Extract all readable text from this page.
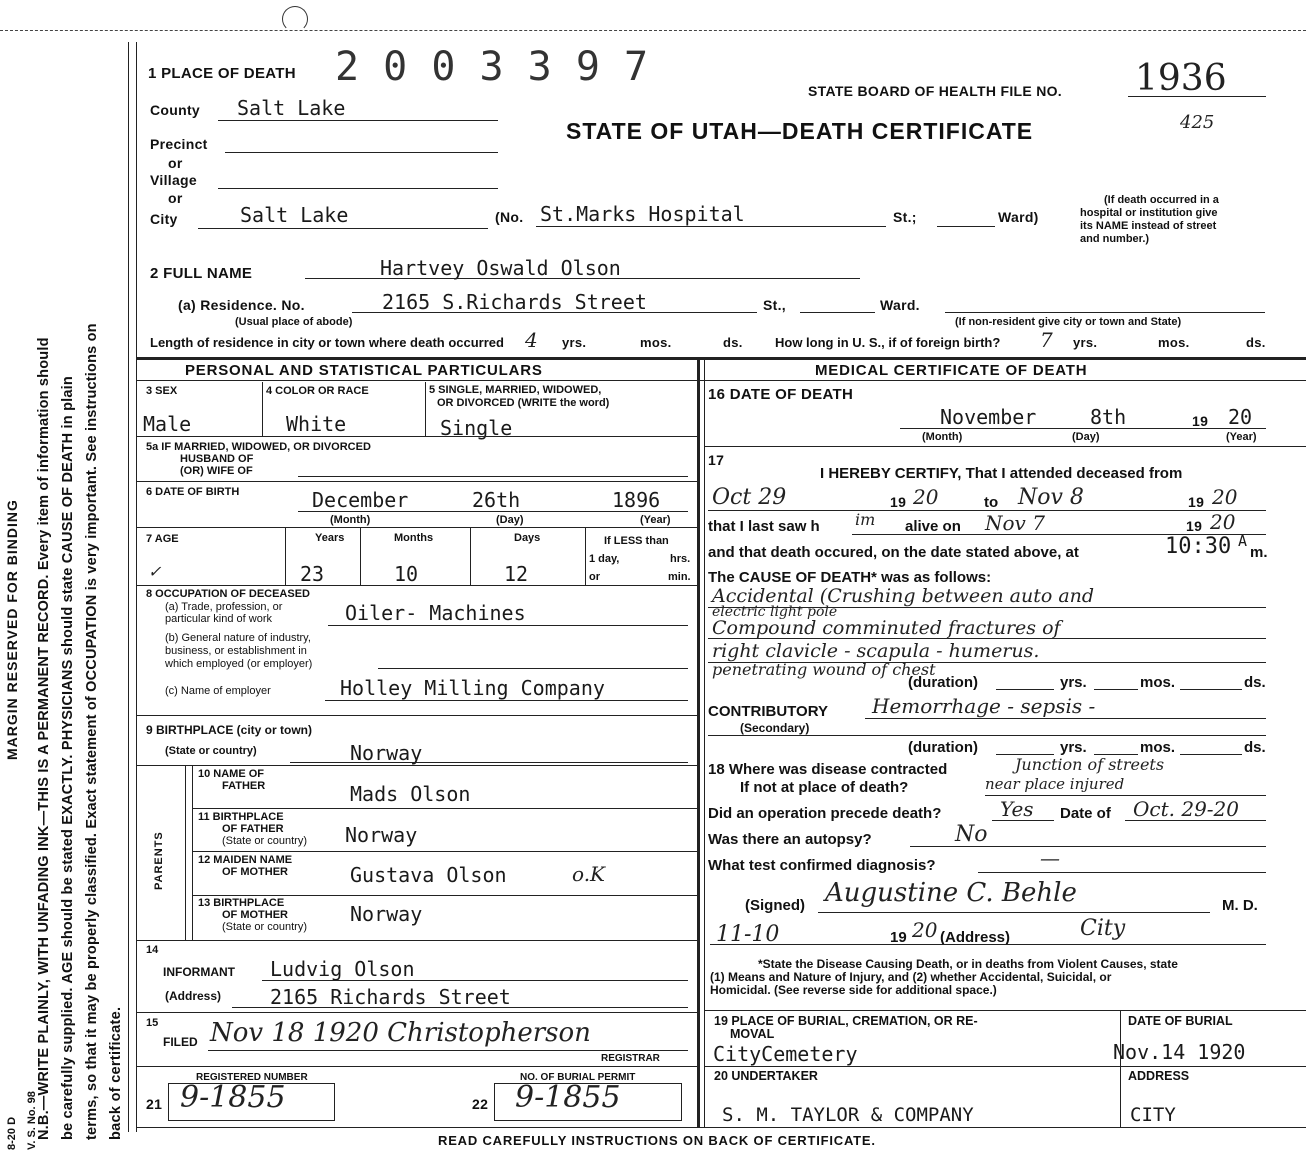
MARGIN RESERVED FOR BINDING
V. S. No. 98
8-20 D N.B.—WRITE PLAINLY, WITH UNFADING INK—THIS IS A PERMANENT RECORD. Every item of information should be carefully supplied. AGE should be stated EXACTLY. PHYSICIANS should state CAUSE OF DEATH in plain terms, so that it may be properly classified. Exact statement of OCCUPATION is very important. See instructions on back of certificate.
1 PLACE OF DEATH 2 0 0 3 3 9 7
STATE BOARD OF HEALTH FILE NO. 1936
STATE OF UTAH—DEATH CERTIFICATE	425
County Salt Lake
Precinct
or
Village
or
City	Salt Lake	(No. St.Marks Hospital	St.;	Ward)
(If death occurred in a
hospital or institution give
its NAME instead of street
and number.)
2 FULL NAME	Hartvey Oswald Olson
(a) Residence. No.	2165 S.Richards Street	St.,	Ward.
(Usual place of abode)	(If non-resident give city or town and State)
Length of residence in city or town where death occurred 4 yrs.	mos.	ds. How long in U. S., if of foreign birth? 7 yrs.	mos.	ds.
PERSONAL AND STATISTICAL PARTICULARS	MEDICAL CERTIFICATE OF DEATH
3 SEX
Male
4 COLOR OR RACE
White
5 SINGLE, MARRIED, WIDOWED,
OR DIVORCED (WRITE the word)
Single
5a IF MARRIED, WIDOWED, OR DIVORCED
HUSBAND OF
(OR) WIFE OF
6 DATE OF BIRTH	December	26th	1896
(Month)	(Day)	(Year)
7 AGE
✓
Years	Months	Days	If LESS than
1 day,	hrs.
or	min.
23	10	12
8 OCCUPATION OF DECEASED
(a) Trade, profession, or
particular kind of work	Oiler- Machines
(b) General nature of industry,
business, or establishment in
which employed (or employer)
(c) Name of employer	Holley Milling Company
9 BIRTHPLACE (city or town)
(State or country)	Norway
PARENTS
10 NAME OF
FATHER	Mads Olson
11 BIRTHPLACE
OF FATHER
(State or country) Norway
12 MAIDEN NAME
OF MOTHER	Gustava Olson	o.K
13 BIRTHPLACE
OF MOTHER
(State or country)
Norway
14
INFORMANT Ludvig Olson
(Address) 2165 Richards Street
15
FILED Nov 18 1920 Christopherson
REGISTRAR
REGISTERED NUMBER	NO. OF BURIAL PERMIT
21 9-1855	22 9-1855
16 DATE OF DEATH
November	8th	19 20
(Month)	(Day)	(Year)
17
I HEREBY CERTIFY, That I attended deceased from
Oct 29	19 20	to Nov 8	19 20
that I last saw h im alive on Nov 7	19 20
and that death occured, on the date stated above, at	10:30 A
m.
The CAUSE OF DEATH* was as follows:
Accidental (Crushing between auto and
electric light pole
Compound comminuted fractures of
right clavicle - scapula - humerus.
penetrating wound of chest
(duration)	yrs.	mos.	ds.
CONTRIBUTORY Hemorrhage - sepsis -
(Secondary)
(duration)	yrs.	mos.	ds.
18 Where was disease contracted	Junction of streets
If not at place of death?	near place injured
Did an operation precede death?	Yes Date of Oct. 29-20
Was there an autopsy?	No
What test confirmed diagnosis?	—
(Signed) Augustine C. Behle	M. D.
11-10	19 20 (Address)	City
*State the Disease Causing Death, or in deaths from Violent Causes, state
(1) Means and Nature of Injury, and (2) whether Accidental, Suicidal, or
Homicidal. (See reverse side for additional space.)
19 PLACE OF BURIAL, CREMATION, OR RE-
MOVAL
CityCemetery
DATE OF BURIAL
Nov.14 1920
20 UNDERTAKER
S. M. TAYLOR & COMPANY
ADDRESS
CITY
READ CAREFULLY INSTRUCTIONS ON BACK OF CERTIFICATE.
